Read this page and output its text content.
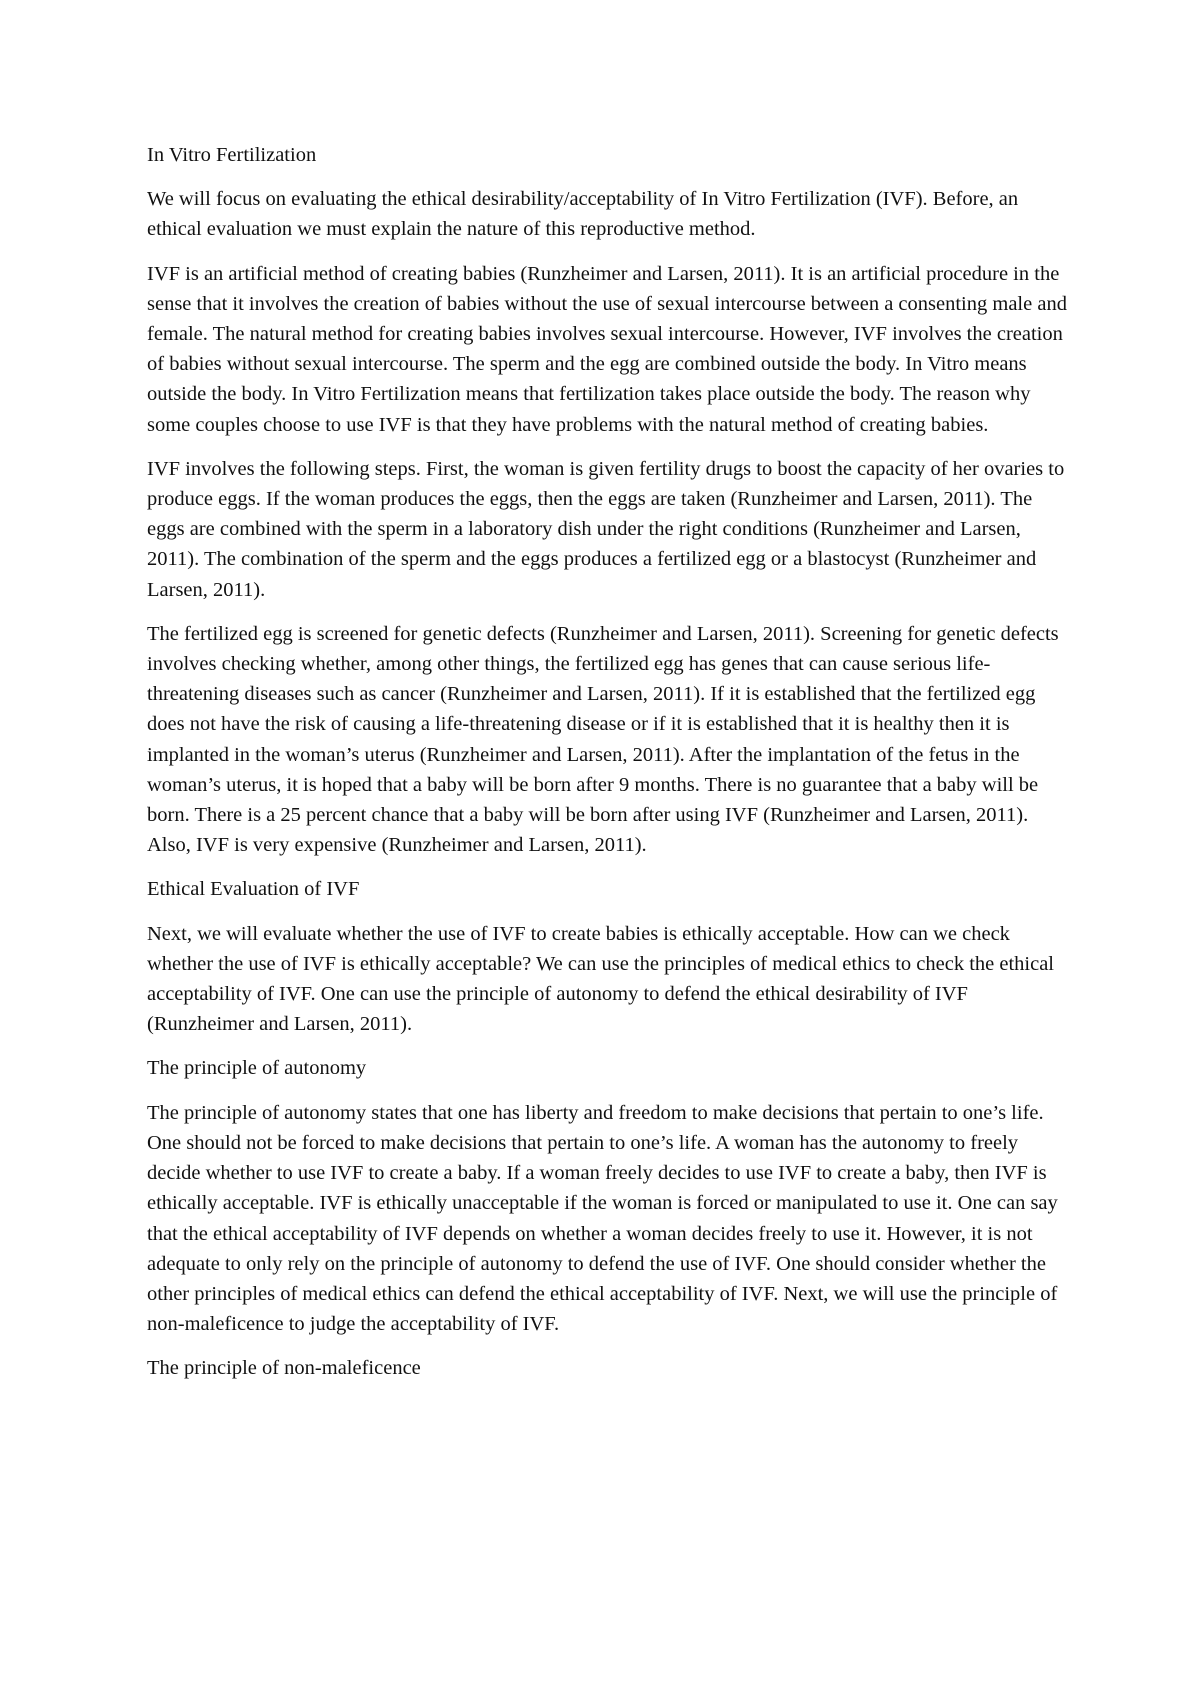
In Vitro Fertilization

We will focus on evaluating the ethical desirability/acceptability of In Vitro Fertilization (IVF). Before, an ethical evaluation we must explain the nature of this reproductive method.

IVF is an artificial method of creating babies (Runzheimer and Larsen, 2011). It is an artificial procedure in the sense that it involves the creation of babies without the use of sexual intercourse between a consenting male and female. The natural method for creating babies involves sexual intercourse. However, IVF involves the creation of babies without sexual intercourse. The sperm and the egg are combined outside the body. In Vitro means outside the body. In Vitro Fertilization means that fertilization takes place outside the body. The reason why some couples choose to use IVF is that they have problems with the natural method of creating babies.

IVF involves the following steps. First, the woman is given fertility drugs to boost the capacity of her ovaries to produce eggs. If the woman produces the eggs, then the eggs are taken (Runzheimer and Larsen, 2011). The eggs are combined with the sperm in a laboratory dish under the right conditions (Runzheimer and Larsen, 2011). The combination of the sperm and the eggs produces a fertilized egg or a blastocyst (Runzheimer and Larsen, 2011).

The fertilized egg is screened for genetic defects (Runzheimer and Larsen, 2011). Screening for genetic defects involves checking whether, among other things, the fertilized egg has genes that can cause serious life-threatening diseases such as cancer (Runzheimer and Larsen, 2011). If it is established that the fertilized egg does not have the risk of causing a life-threatening disease or if it is established that it is healthy then it is implanted in the woman’s uterus (Runzheimer and Larsen, 2011). After the implantation of the fetus in the woman’s uterus, it is hoped that a baby will be born after 9 months. There is no guarantee that a baby will be born. There is a 25 percent chance that a baby will be born after using IVF (Runzheimer and Larsen, 2011). Also, IVF is very expensive (Runzheimer and Larsen, 2011).

Ethical Evaluation of IVF

Next, we will evaluate whether the use of IVF to create babies is ethically acceptable. How can we check whether the use of IVF is ethically acceptable? We can use the principles of medical ethics to check the ethical acceptability of IVF. One can use the principle of autonomy to defend the ethical desirability of IVF (Runzheimer and Larsen, 2011).

The principle of autonomy

The principle of autonomy states that one has liberty and freedom to make decisions that pertain to one’s life. One should not be forced to make decisions that pertain to one’s life. A woman has the autonomy to freely decide whether to use IVF to create a baby. If a woman freely decides to use IVF to create a baby, then IVF is ethically acceptable. IVF is ethically unacceptable if the woman is forced or manipulated to use it. One can say that the ethical acceptability of IVF depends on whether a woman decides freely to use it. However, it is not adequate to only rely on the principle of autonomy to defend the use of IVF. One should consider whether the other principles of medical ethics can defend the ethical acceptability of IVF. Next, we will use the principle of non-maleficence to judge the acceptability of IVF.

The principle of non-maleficence
